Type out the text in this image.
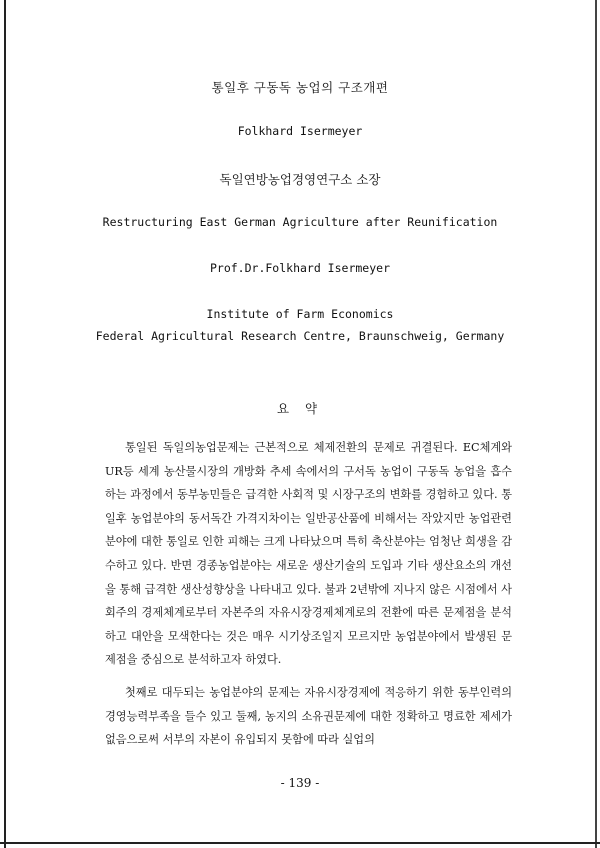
통일후 구동독 농업의 구조개편
Folkhard Isermeyer
독일연방농업경영연구소 소장
Restructuring East German Agriculture after Reunification
Prof.Dr.Folkhard Isermeyer
Institute of Farm Economics
Federal Agricultural Research Centre, Braunschweig, Germany
요 약

통일된 독일의농업문제는 근본적으로 체제전환의 문제로 귀결된다. EC체계와 UR등 세계 농산물시장의 개방화 추세 속에서의 구서독 농업이 구동독 농업을 흡수하는 과정에서 동부농민들은 급격한 사회적 및 시장구조의 변화를 경험하고 있다. 통일후 농업분야의 동서독간 가격지차이는 일반공산품에 비해서는 작았지만 농업관련분야에 대한 통일로 인한 피해는 크게 나타났으며 특히 축산분야는 엄청난 희생을 감수하고 있다. 반면 경종농업분야는 새로운 생산기술의 도입과 기타 생산요소의 개선을 통해 급격한 생산성향상을 나타내고 있다. 불과 2년밖에 지나지 않은 시점에서 사회주의 경제체계로부터 자본주의 자유시장경제체계로의 전환에 따른 문제점을 분석하고 대안을 모색한다는 것은 매우 시기상조일지 모르지만 농업분야에서 발생된 문제점을 중심으로 분석하고자 하였다.

첫째로 대두되는 농업분야의 문제는 자유시장경제에 적응하기 위한 동부인력의 경영능력부족을 들수 있고 둘째, 농지의 소유권문제에 대한 정확하고 명료한 제세가 없음으로써 서부의 자본이 유입되지 못함에 따라 실업의

- 139 -
